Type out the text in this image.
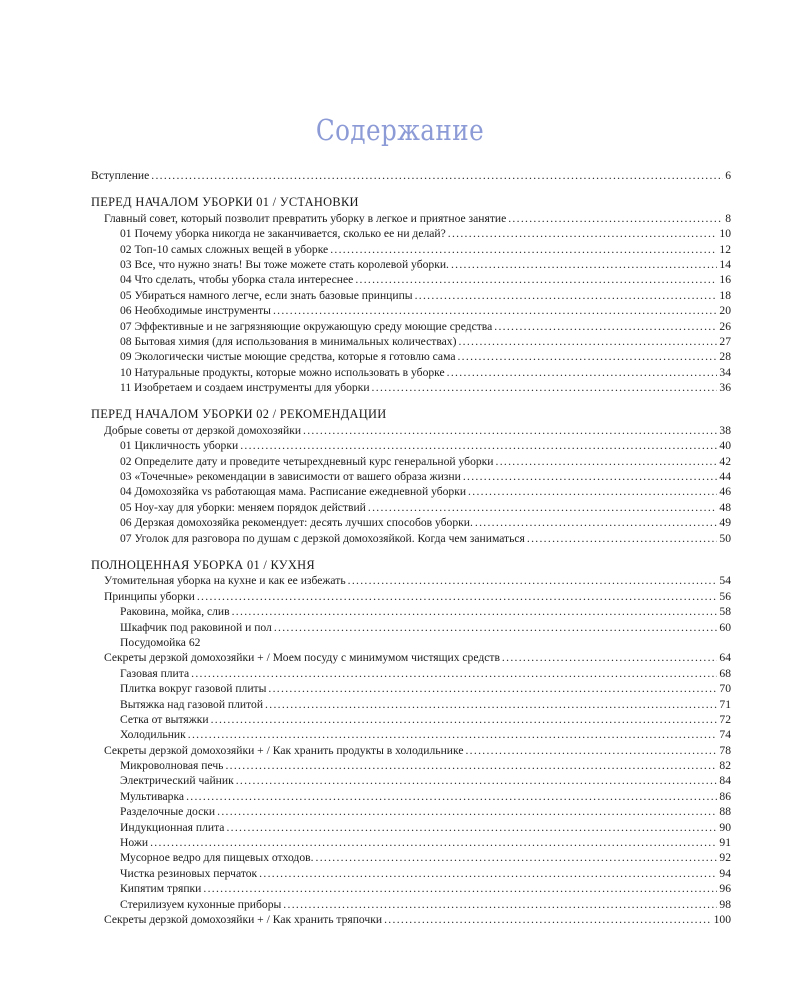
Содержание
Вступление . . .	6
ПЕРЕД НАЧАЛОМ УБОРКИ 01 / УСТАНОВКИ
Главный совет, который позволит превратить уборку в легкое и приятное занятие . . .	8
01 Почему уборка никогда не заканчивается, сколько ее ни делай? . . .	10
02 Топ-10 самых сложных вещей в уборке . . .	12
03 Все, что нужно знать! Вы тоже можете стать королевой уборки. . . .	14
04 Что сделать, чтобы уборка стала интереснее . . .	16
05 Убираться намного легче, если знать базовые принципы . . .	18
06 Необходимые инструменты . . .	20
07 Эффективные и не загрязняющие окружающую среду моющие средства . . .	26
08 Бытовая химия (для использования в минимальных количествах) . . .	27
09 Экологически чистые моющие средства, которые я готовлю сама . . .	28
10 Натуральные продукты, которые можно использовать в уборке . . .	34
11 Изобретаем и создаем инструменты для уборки . . .	36
ПЕРЕД НАЧАЛОМ УБОРКИ 02 / РЕКОМЕНДАЦИИ
Добрые советы от дерзкой домохозяйки . . .	38
01 Цикличность уборки . . .	40
02 Определите дату и проведите четырехдневный курс генеральной уборки . . .	42
03 «Точечные» рекомендации в зависимости от вашего образа жизни . . .	44
04 Домохозяйка vs работающая мама. Расписание ежедневной уборки . . .	46
05 Ноу-хау для уборки: меняем порядок действий . . .	48
06 Дерзкая домохозяйка рекомендует: десять лучших способов уборки. . . .	49
07 Уголок для разговора по душам с дерзкой домохозяйкой. Когда чем заниматься . . .	50
ПОЛНОЦЕННАЯ УБОРКА 01 / КУХНЯ
Утомительная уборка на кухне и как ее избежать . . .	54
Принципы уборки . . .	56
Раковина, мойка, слив . . .	58
Шкафчик под раковиной и пол . . .	60
Посудомойка 62
Секреты дерзкой домохозяйки + / Моем посуду с минимумом чистящих средств . . .	64
Газовая плита . . .	68
Плитка вокруг газовой плиты . . .	70
Вытяжка над газовой плитой . . .	71
Сетка от вытяжки . . .	72
Холодильник . . .	74
Секреты дерзкой домохозяйки + / Как хранить продукты в холодильнике . . .	78
Микроволновая печь . . .	82
Электрический чайник . . .	84
Мультиварка . . .	86
Разделочные доски . . .	88
Индукционная плита . . .	90
Ножи . . .	91
Мусорное ведро для пищевых отходов. . . .	92
Чистка резиновых перчаток . . .	94
Кипятим тряпки . . .	96
Стерилизуем кухонные приборы . . .	98
Секреты дерзкой домохозяйки + / Как хранить тряпочки . . .	100
